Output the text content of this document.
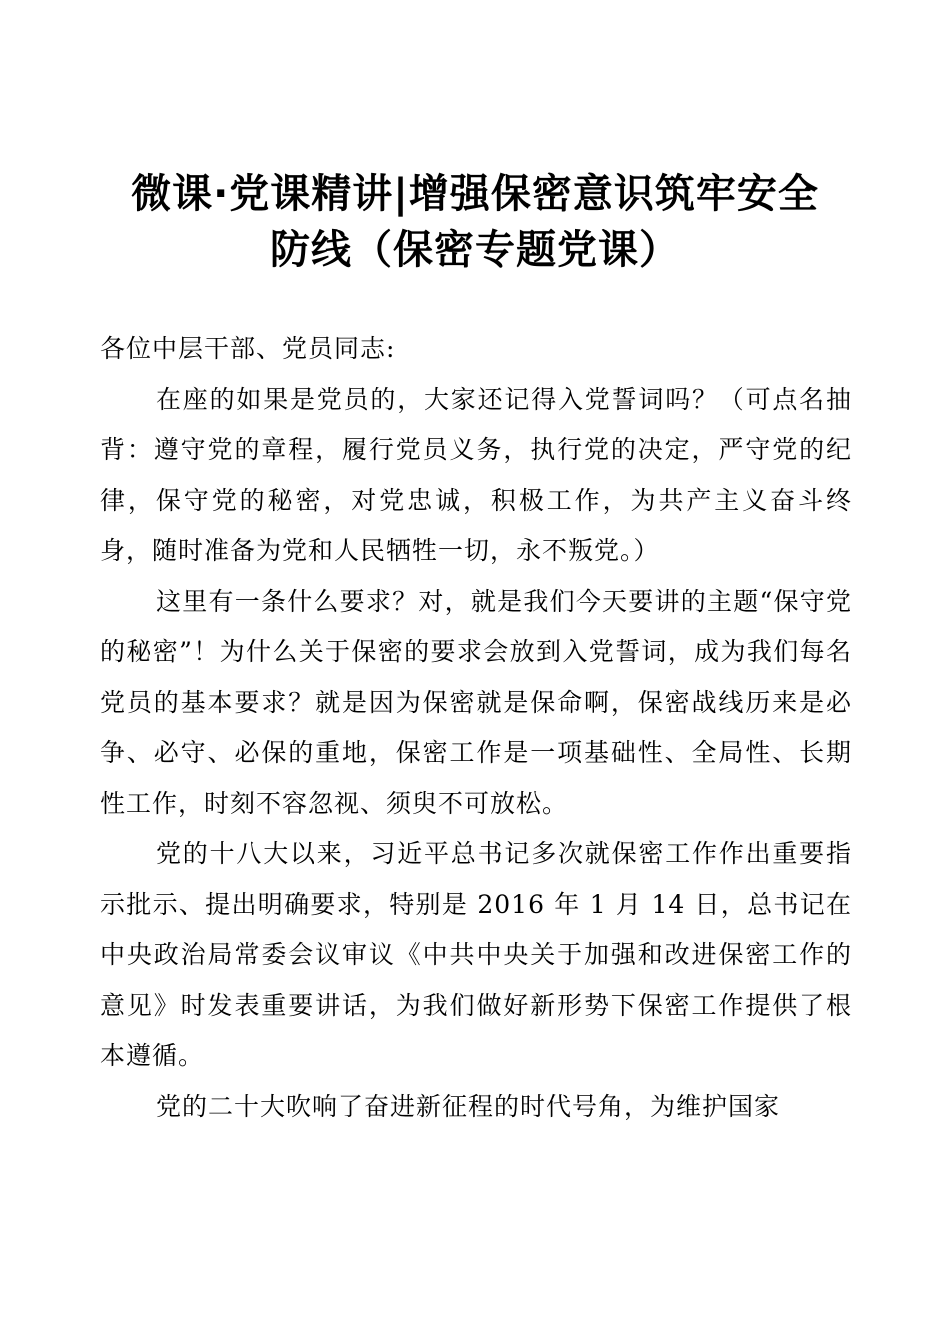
微课·党课精讲|增强保密意识筑牢安全
防线（保密专题党课）

各位中层干部、党员同志:

在座的如果是党员的，大家还记得入党誓词吗？（可点名抽背：遵守党的章程，履行党员义务，执行党的决定，严守党的纪律，保守党的秘密，对党忠诚，积极工作，为共产主义奋斗终身，随时准备为党和人民牺牲一切，永不叛党。）

这里有一条什么要求？对，就是我们今天要讲的主题“保守党的秘密”！为什么关于保密的要求会放到入党誓词，成为我们每名党员的基本要求？就是因为保密就是保命啊，保密战线历来是必争、必守、必保的重地，保密工作是一项基础性、全局性、长期性工作，时刻不容忽视、须臾不可放松。

党的十八大以来，习近平总书记多次就保密工作作出重要指示批示、提出明确要求，特别是 2016 年 1 月 14 日，总书记在中央政治局常委会议审议《中共中央关于加强和改进保密工作的意见》时发表重要讲话，为我们做好新形势下保密工作提供了根本遵循。

党的二十大吹响了奋进新征程的时代号角，为维护国家
